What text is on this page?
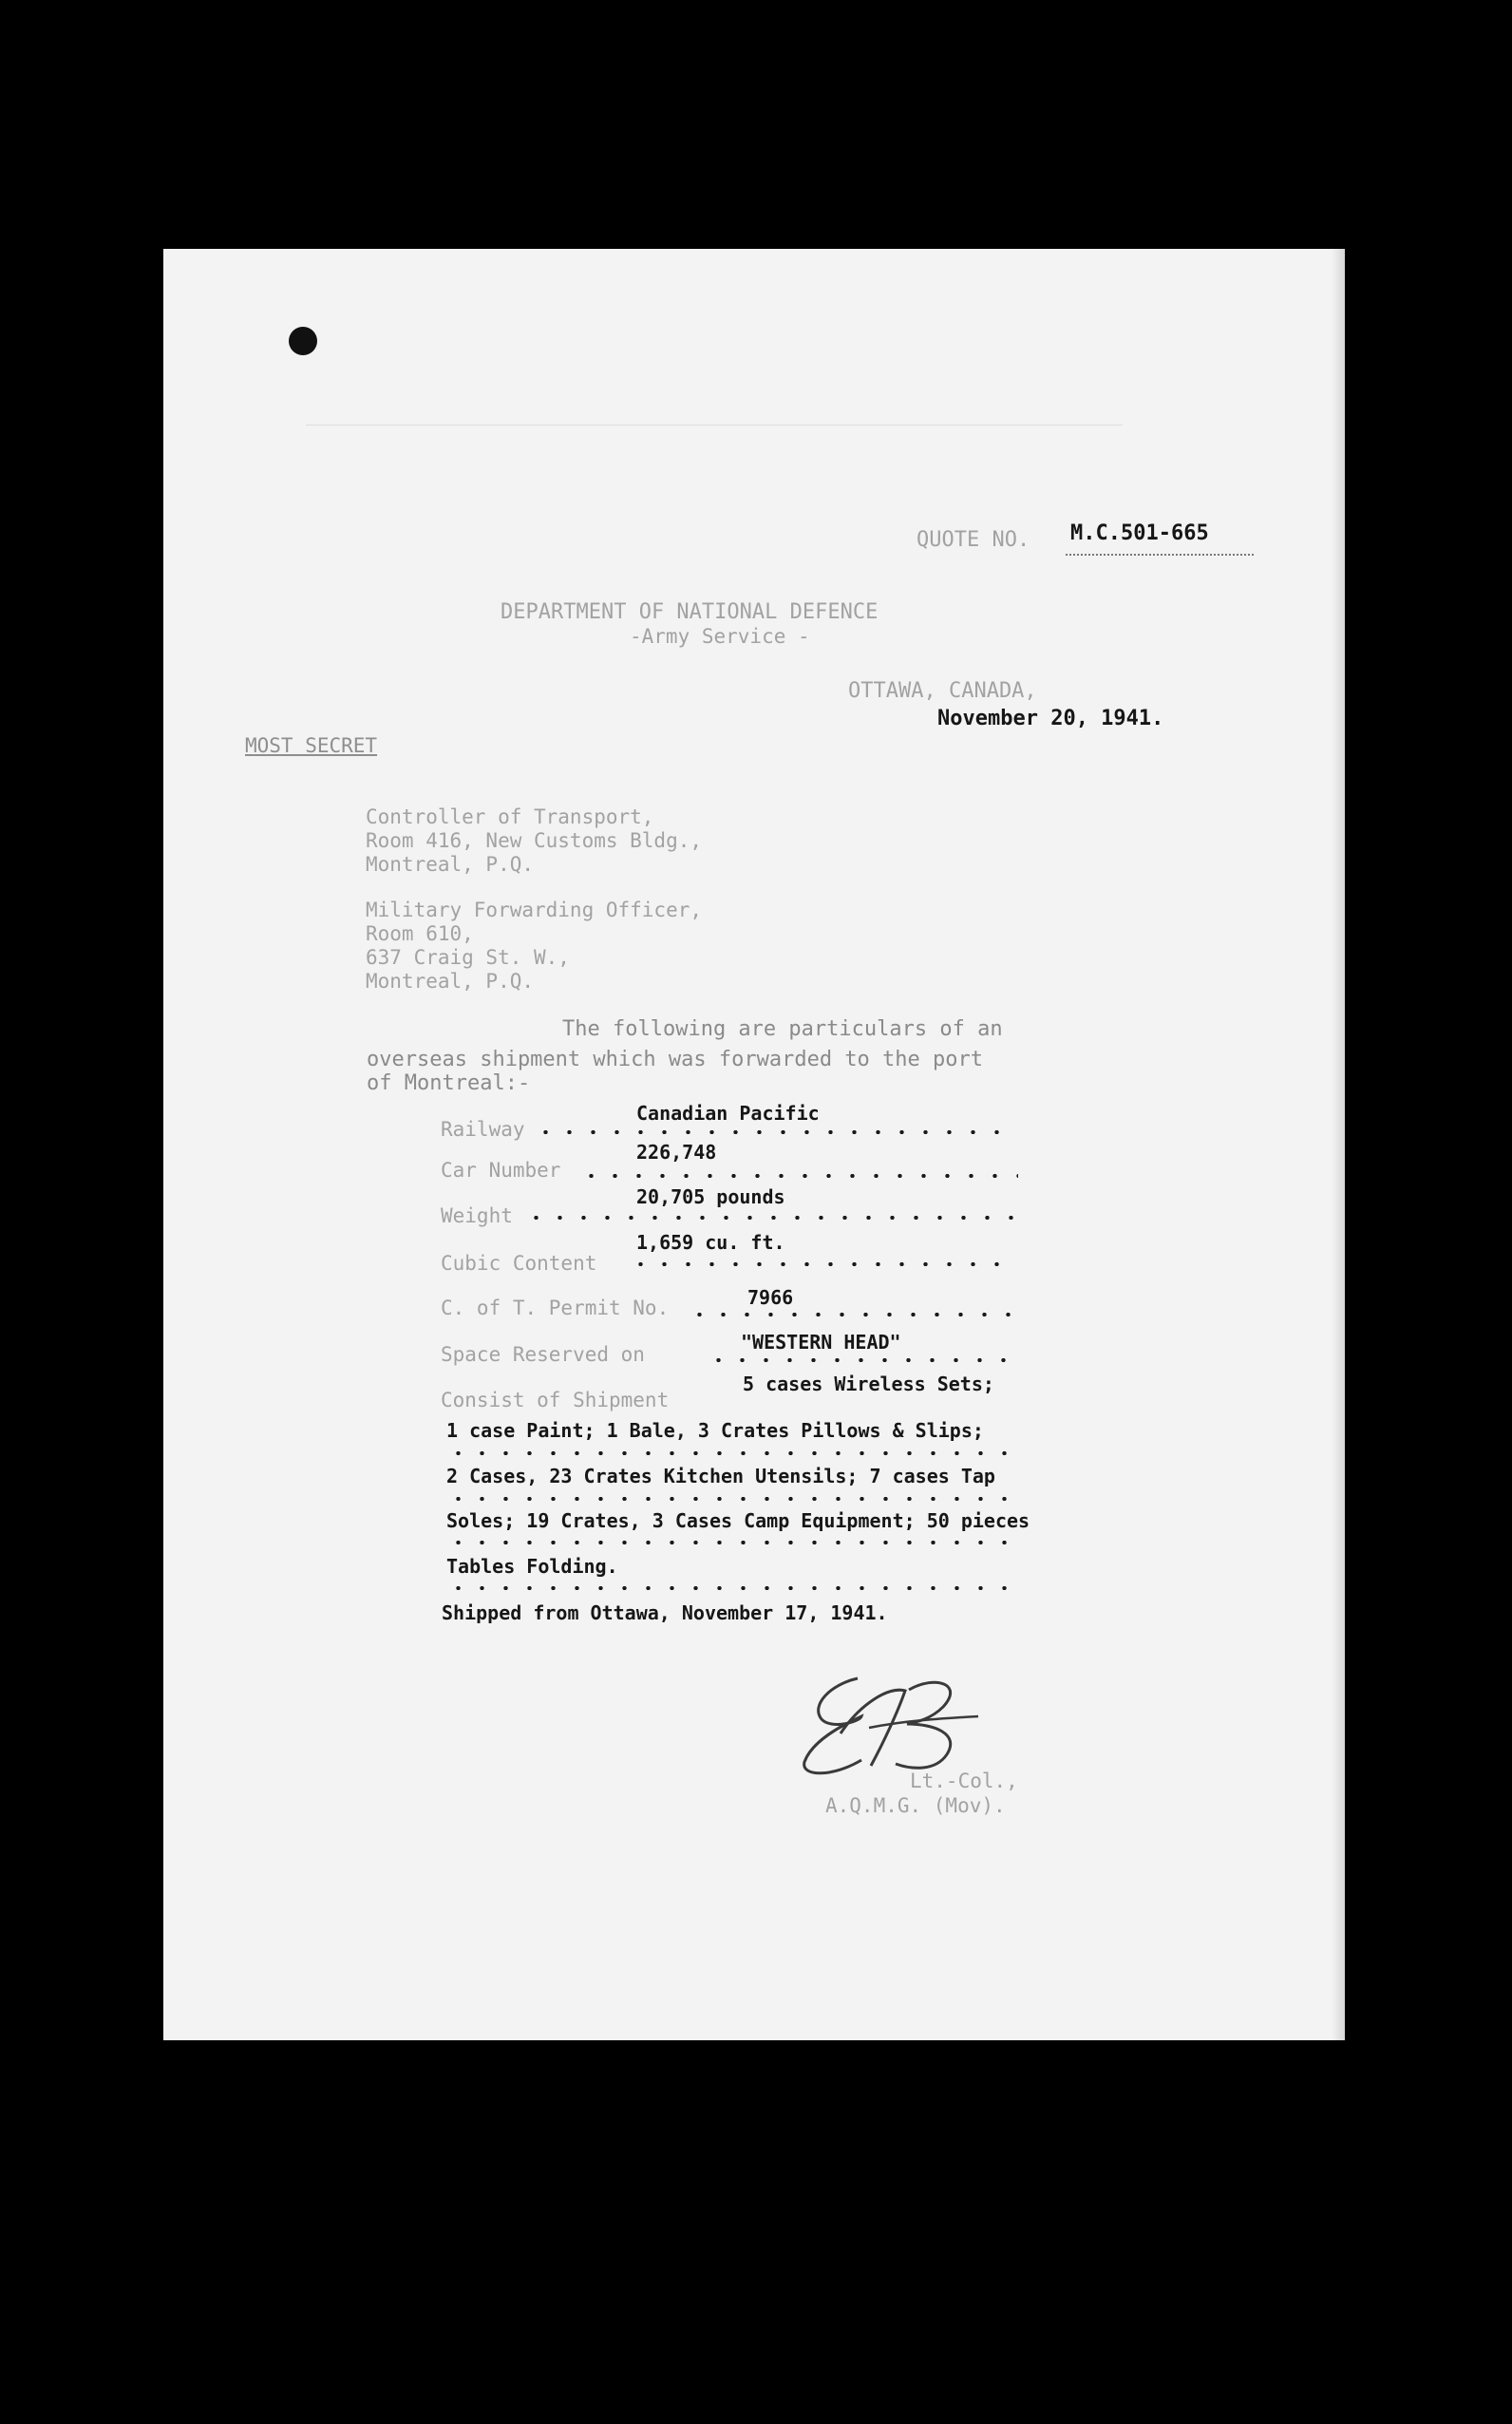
QUOTE NO. M.C.501-665
DEPARTMENT OF NATIONAL DEFENCE
-Army Service -
OTTAWA, CANADA,
November 20, 1941.
MOST SECRET
Controller of Transport,
Room 416, New Customs Bldg.,
Montreal, P.Q.
Military Forwarding Officer,
Room 610,
637 Craig St. W.,
Montreal, P.Q.
The following are particulars of an
overseas shipment which was forwarded to the port
of Montreal:-
Railway
Canadian Pacific
Car Number
226,748
Weight
20,705 pounds
Cubic Content
1,659 cu. ft.
C. of T. Permit No.	7966
Space Reserved on
"WESTERN HEAD"
Consist of Shipment
5 cases Wireless Sets;
1 case Paint; 1 Bale, 3 Crates Pillows & Slips;
2 Cases, 23 Crates Kitchen Utensils; 7 cases Tap
Soles; 19 Crates, 3 Cases Camp Equipment; 50 pieces
Tables Folding.
Shipped from Ottawa, November 17, 1941.
Lt.-Col.,
A.Q.M.G. (Mov).
